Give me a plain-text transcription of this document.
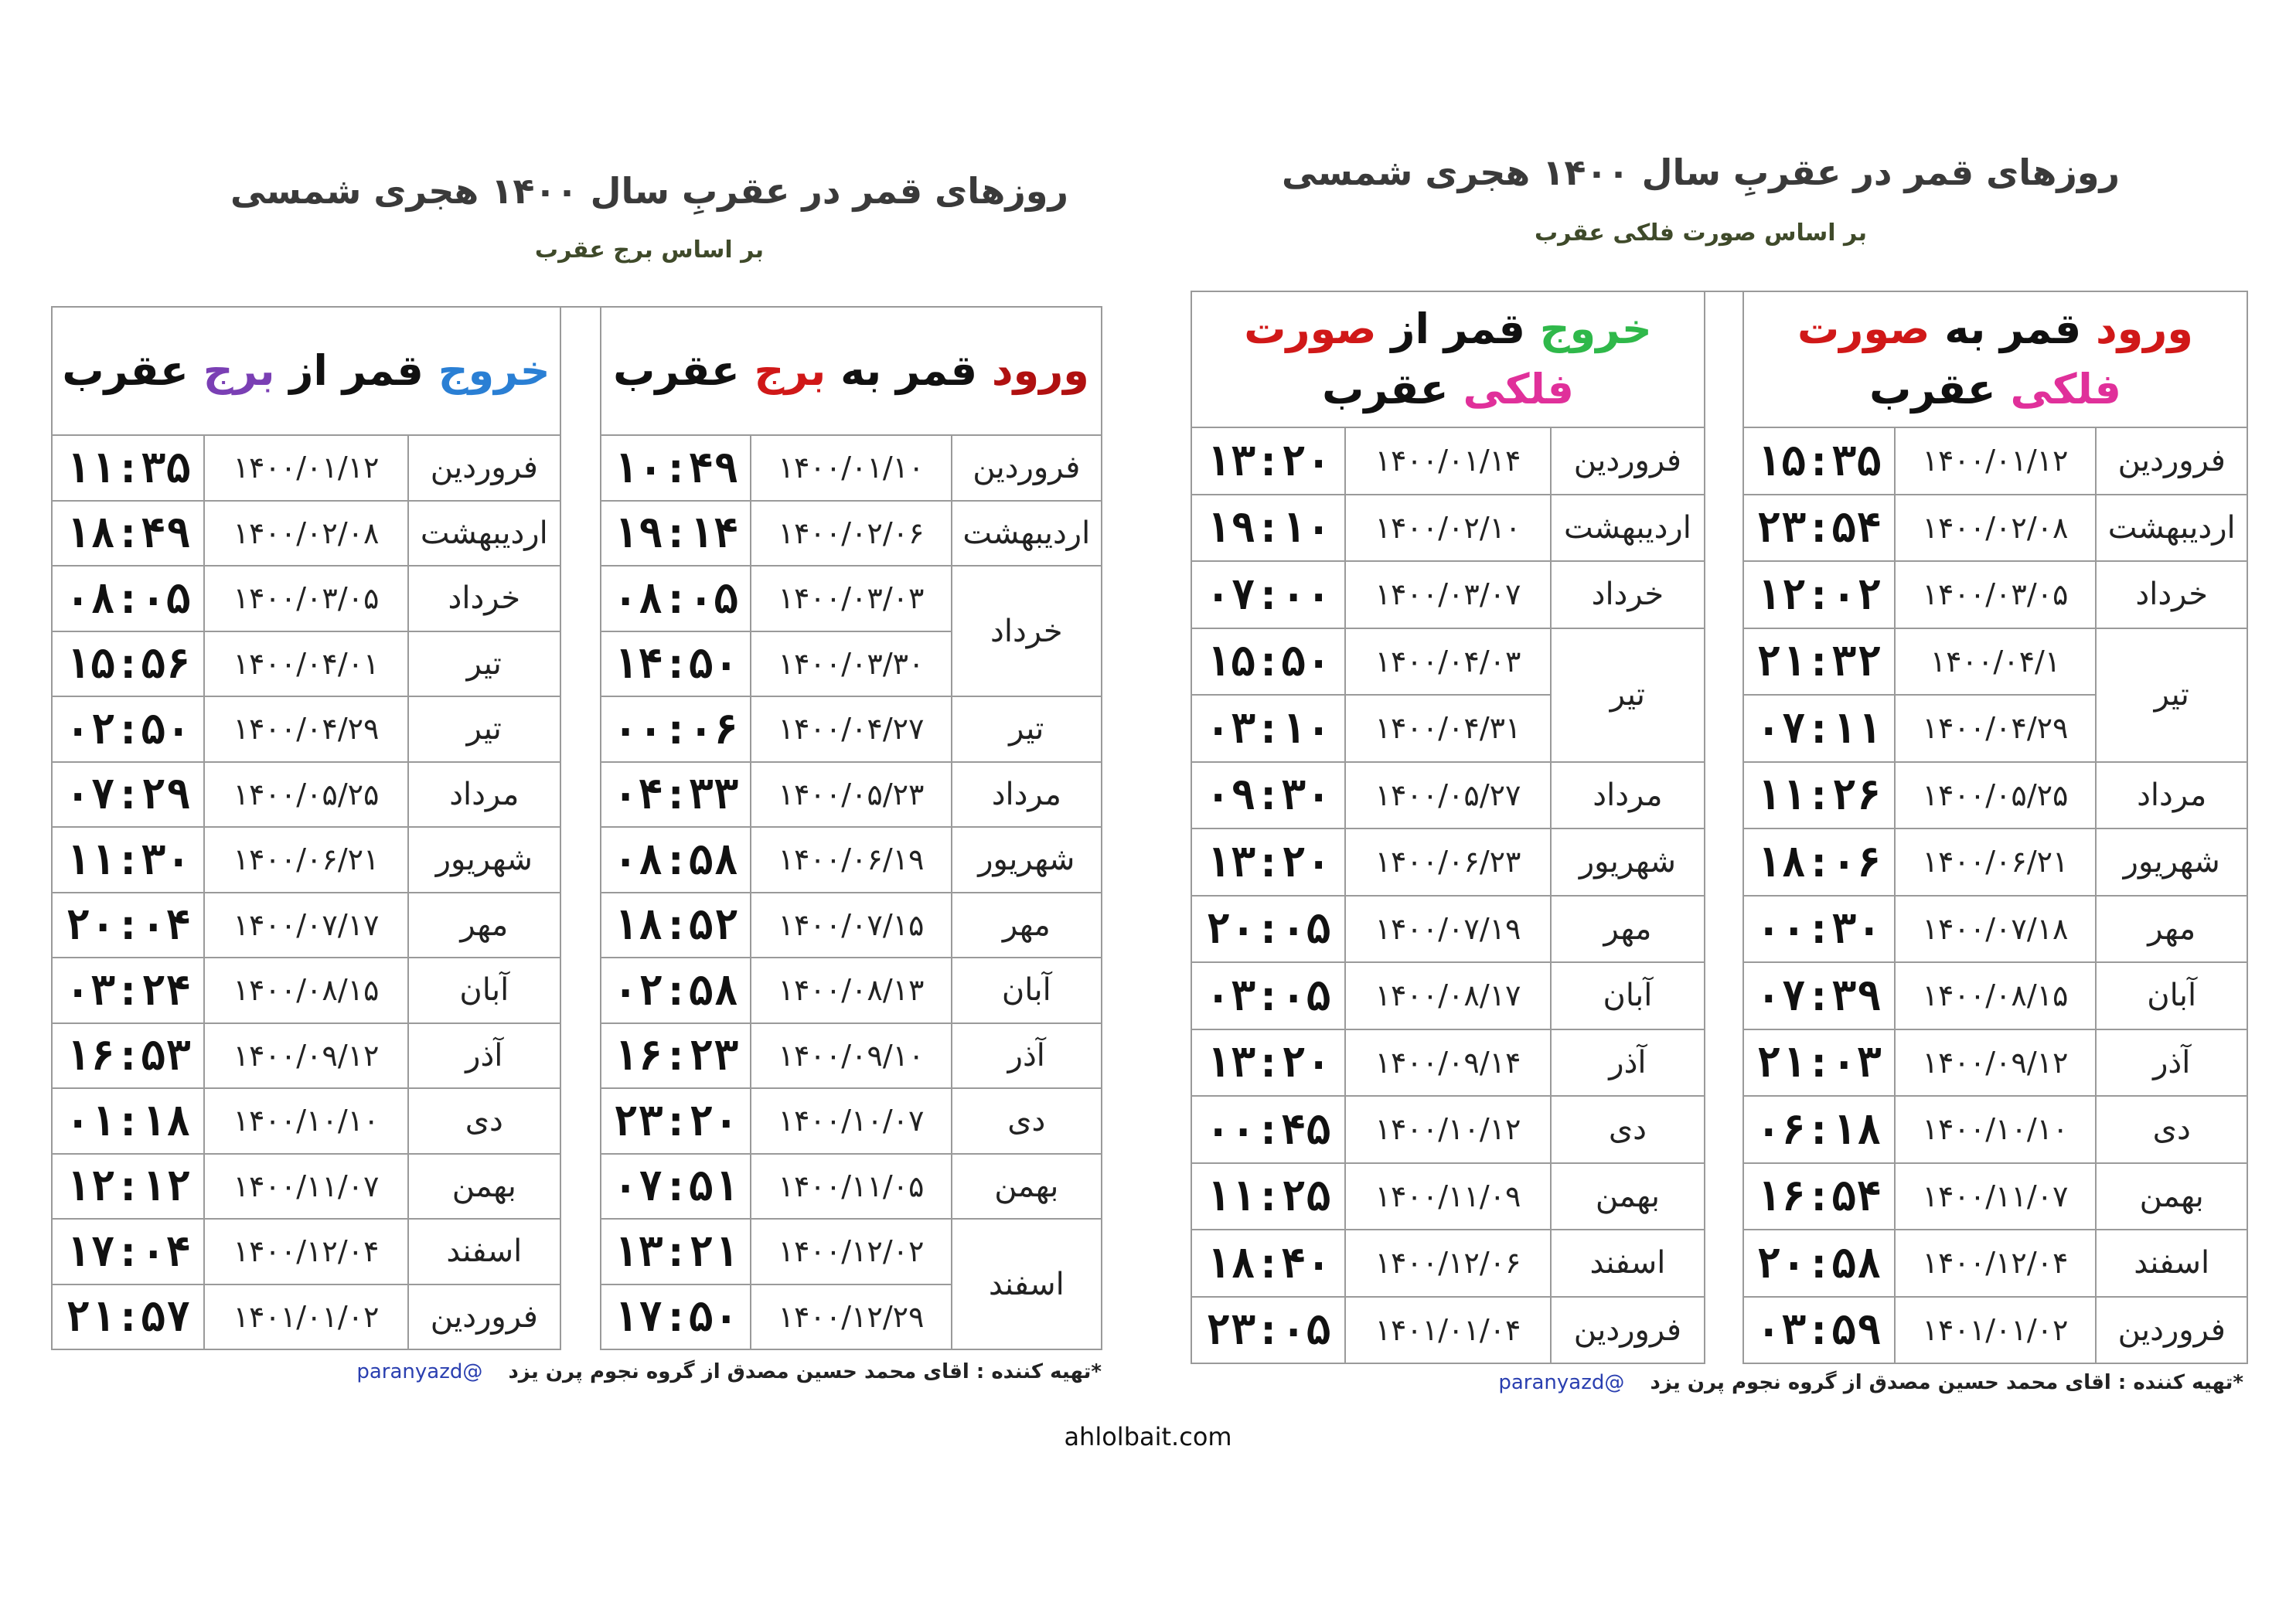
روزهای قمر در عقربِ سال ۱۴۰۰ هجری شمسی
بر اساس برج عقرب
خروج قمر از برج عقرب		
فروردین	۱۴۰۰/۰۱/۱۲	۱۱:۳۵
اردیبهشت	۱۴۰۰/۰۲/۰۸	۱۸:۴۹
خرداد	۱۴۰۰/۰۳/۰۵	۰۸:۰۵
تیر	۱۴۰۰/۰۴/۰۱	۱۵:۵۶
تیر	۱۴۰۰/۰۴/۲۹	۰۲:۵۰
مرداد	۱۴۰۰/۰۵/۲۵	۰۷:۲۹
شهریور	۱۴۰۰/۰۶/۲۱	۱۱:۳۰
مهر	۱۴۰۰/۰۷/۱۷	۲۰:۰۴
آبان	۱۴۰۰/۰۸/۱۵	۰۳:۲۴
آذر	۱۴۰۰/۰۹/۱۲	۱۶:۵۳
دی	۱۴۰۰/۱۰/۱۰	۰۱:۱۸
بهمن	۱۴۰۰/۱۱/۰۷	۱۲:۱۲
اسفند	۱۴۰۰/۱۲/۰۴	۱۷:۰۴
فروردین	۱۴۰۱/۰۱/۰۲	۲۱:۵۷
ورود قمر به برج عقرب		
فروردین	۱۴۰۰/۰۱/۱۰	۱۰:۴۹
اردیبهشت	۱۴۰۰/۰۲/۰۶	۱۹:۱۴
خرداد	۱۴۰۰/۰۳/۰۳	۰۸:۰۵
	۱۴۰۰/۰۳/۳۰	۱۴:۵۰
تیر	۱۴۰۰/۰۴/۲۷	۰۰:۰۶
مرداد	۱۴۰۰/۰۵/۲۳	۰۴:۳۳
شهریور	۱۴۰۰/۰۶/۱۹	۰۸:۵۸
مهر	۱۴۰۰/۰۷/۱۵	۱۸:۵۲
آبان	۱۴۰۰/۰۸/۱۳	۰۲:۵۸
آذر	۱۴۰۰/۰۹/۱۰	۱۶:۲۳
دی	۱۴۰۰/۱۰/۰۷	۲۳:۲۰
بهمن	۱۴۰۰/۱۱/۰۵	۰۷:۵۱
اسفند	۱۴۰۰/۱۲/۰۲	۱۳:۲۱
	۱۴۰۰/۱۲/۲۹	۱۷:۵۰
*تهیه کننده : اقای محمد حسین مصدق از گروه نجوم پرن یزد @paranyazd
روزهای قمر در عقربِ سال ۱۴۰۰ هجری شمسی
بر اساس صورت فلکی عقرب
خروج قمر از صورت
فلکی عقرب		
فروردین	۱۴۰۰/۰۱/۱۴	۱۳:۲۰
اردیبهشت	۱۴۰۰/۰۲/۱۰	۱۹:۱۰
خرداد	۱۴۰۰/۰۳/۰۷	۰۷:۰۰
تیر	۱۴۰۰/۰۴/۰۳	۱۵:۵۰
	۱۴۰۰/۰۴/۳۱	۰۳:۱۰
مرداد	۱۴۰۰/۰۵/۲۷	۰۹:۳۰
شهریور	۱۴۰۰/۰۶/۲۳	۱۳:۲۰
مهر	۱۴۰۰/۰۷/۱۹	۲۰:۰۵
آبان	۱۴۰۰/۰۸/۱۷	۰۳:۰۵
آذر	۱۴۰۰/۰۹/۱۴	۱۳:۲۰
دی	۱۴۰۰/۱۰/۱۲	۰۰:۴۵
بهمن	۱۴۰۰/۱۱/۰۹	۱۱:۲۵
اسفند	۱۴۰۰/۱۲/۰۶	۱۸:۴۰
فروردین	۱۴۰۱/۰۱/۰۴	۲۳:۰۵
ورود قمر به صورت
فلکی عقرب		
فروردین	۱۴۰۰/۰۱/۱۲	۱۵:۳۵
اردیبهشت	۱۴۰۰/۰۲/۰۸	۲۳:۵۴
خرداد	۱۴۰۰/۰۳/۰۵	۱۲:۰۲
تیر	۱۴۰۰/۰۴/۱	۲۱:۳۲
	۱۴۰۰/۰۴/۲۹	۰۷:۱۱
مرداد	۱۴۰۰/۰۵/۲۵	۱۱:۲۶
شهریور	۱۴۰۰/۰۶/۲۱	۱۸:۰۶
مهر	۱۴۰۰/۰۷/۱۸	۰۰:۳۰
آبان	۱۴۰۰/۰۸/۱۵	۰۷:۳۹
آذر	۱۴۰۰/۰۹/۱۲	۲۱:۰۳
دی	۱۴۰۰/۱۰/۱۰	۰۶:۱۸
بهمن	۱۴۰۰/۱۱/۰۷	۱۶:۵۴
اسفند	۱۴۰۰/۱۲/۰۴	۲۰:۵۸
فروردین	۱۴۰۱/۰۱/۰۲	۰۳:۵۹
*تهیه کننده : اقای محمد حسین مصدق از گروه نجوم پرن یزد @paranyazd
ahlolbait.com
